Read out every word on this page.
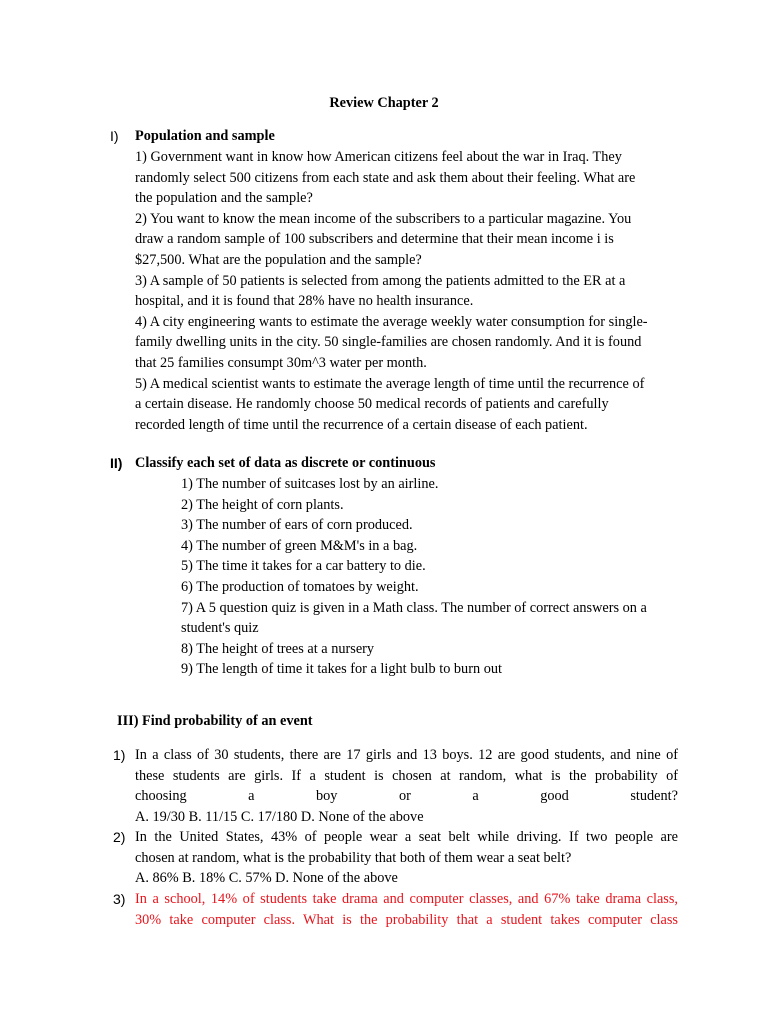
Review Chapter 2
I) Population and sample

1) Government want in know how American citizens feel about the war in Iraq. They

randomly select 500 citizens from each state and ask them about their feeling. What are

the population and the sample?

2) You want to know the mean income of the subscribers to a particular magazine. You

draw a random sample of 100 subscribers and determine that their mean income i is

$27,500. What are the population and the sample?

3) A sample of 50 patients is selected from among the patients admitted to the ER at a

hospital, and it is found that 28% have no health insurance.

4) A city engineering wants to estimate the average weekly water consumption for single-

family dwelling units in the city. 50 single-families are chosen randomly. And it is found

that 25 families consumpt 30m^3 water per month.

5) A medical scientist wants to estimate the average length of time until the recurrence of

a certain disease. He randomly choose 50 medical records of patients and carefully

recorded length of time until the recurrence of a certain disease of each patient.

II) Classify each set of data as discrete or continuous

1) The number of suitcases lost by an airline.

2) The height of corn plants.

3) The number of ears of corn produced.

4) The number of green M&M's in a bag.

5) The time it takes for a car battery to die.

6) The production of tomatoes by weight.

7) A 5 question quiz is given in a Math class. The number of correct answers on a

student's quiz

8) The height of trees at a nursery

9) The length of time it takes for a light bulb to burn out

III) Find probability of an event
1) In a class of 30 students, there are 17 girls and 13 boys. 12 are good students, and nine of
these students are girls. If a student is chosen at random, what is the probability of
choosing a boy or a good student?
A. 19/30 B. 11/15 C. 17/180 D. None of the above
2) In the United States, 43% of people wear a seat belt while driving. If two people are
chosen at random, what is the probability that both of them wear a seat belt?
A. 86% B. 18% C. 57% D. None of the above
3) In a school, 14% of students take drama and computer classes, and 67% take drama class,
30% take computer class. What is the probability that a student takes computer class
